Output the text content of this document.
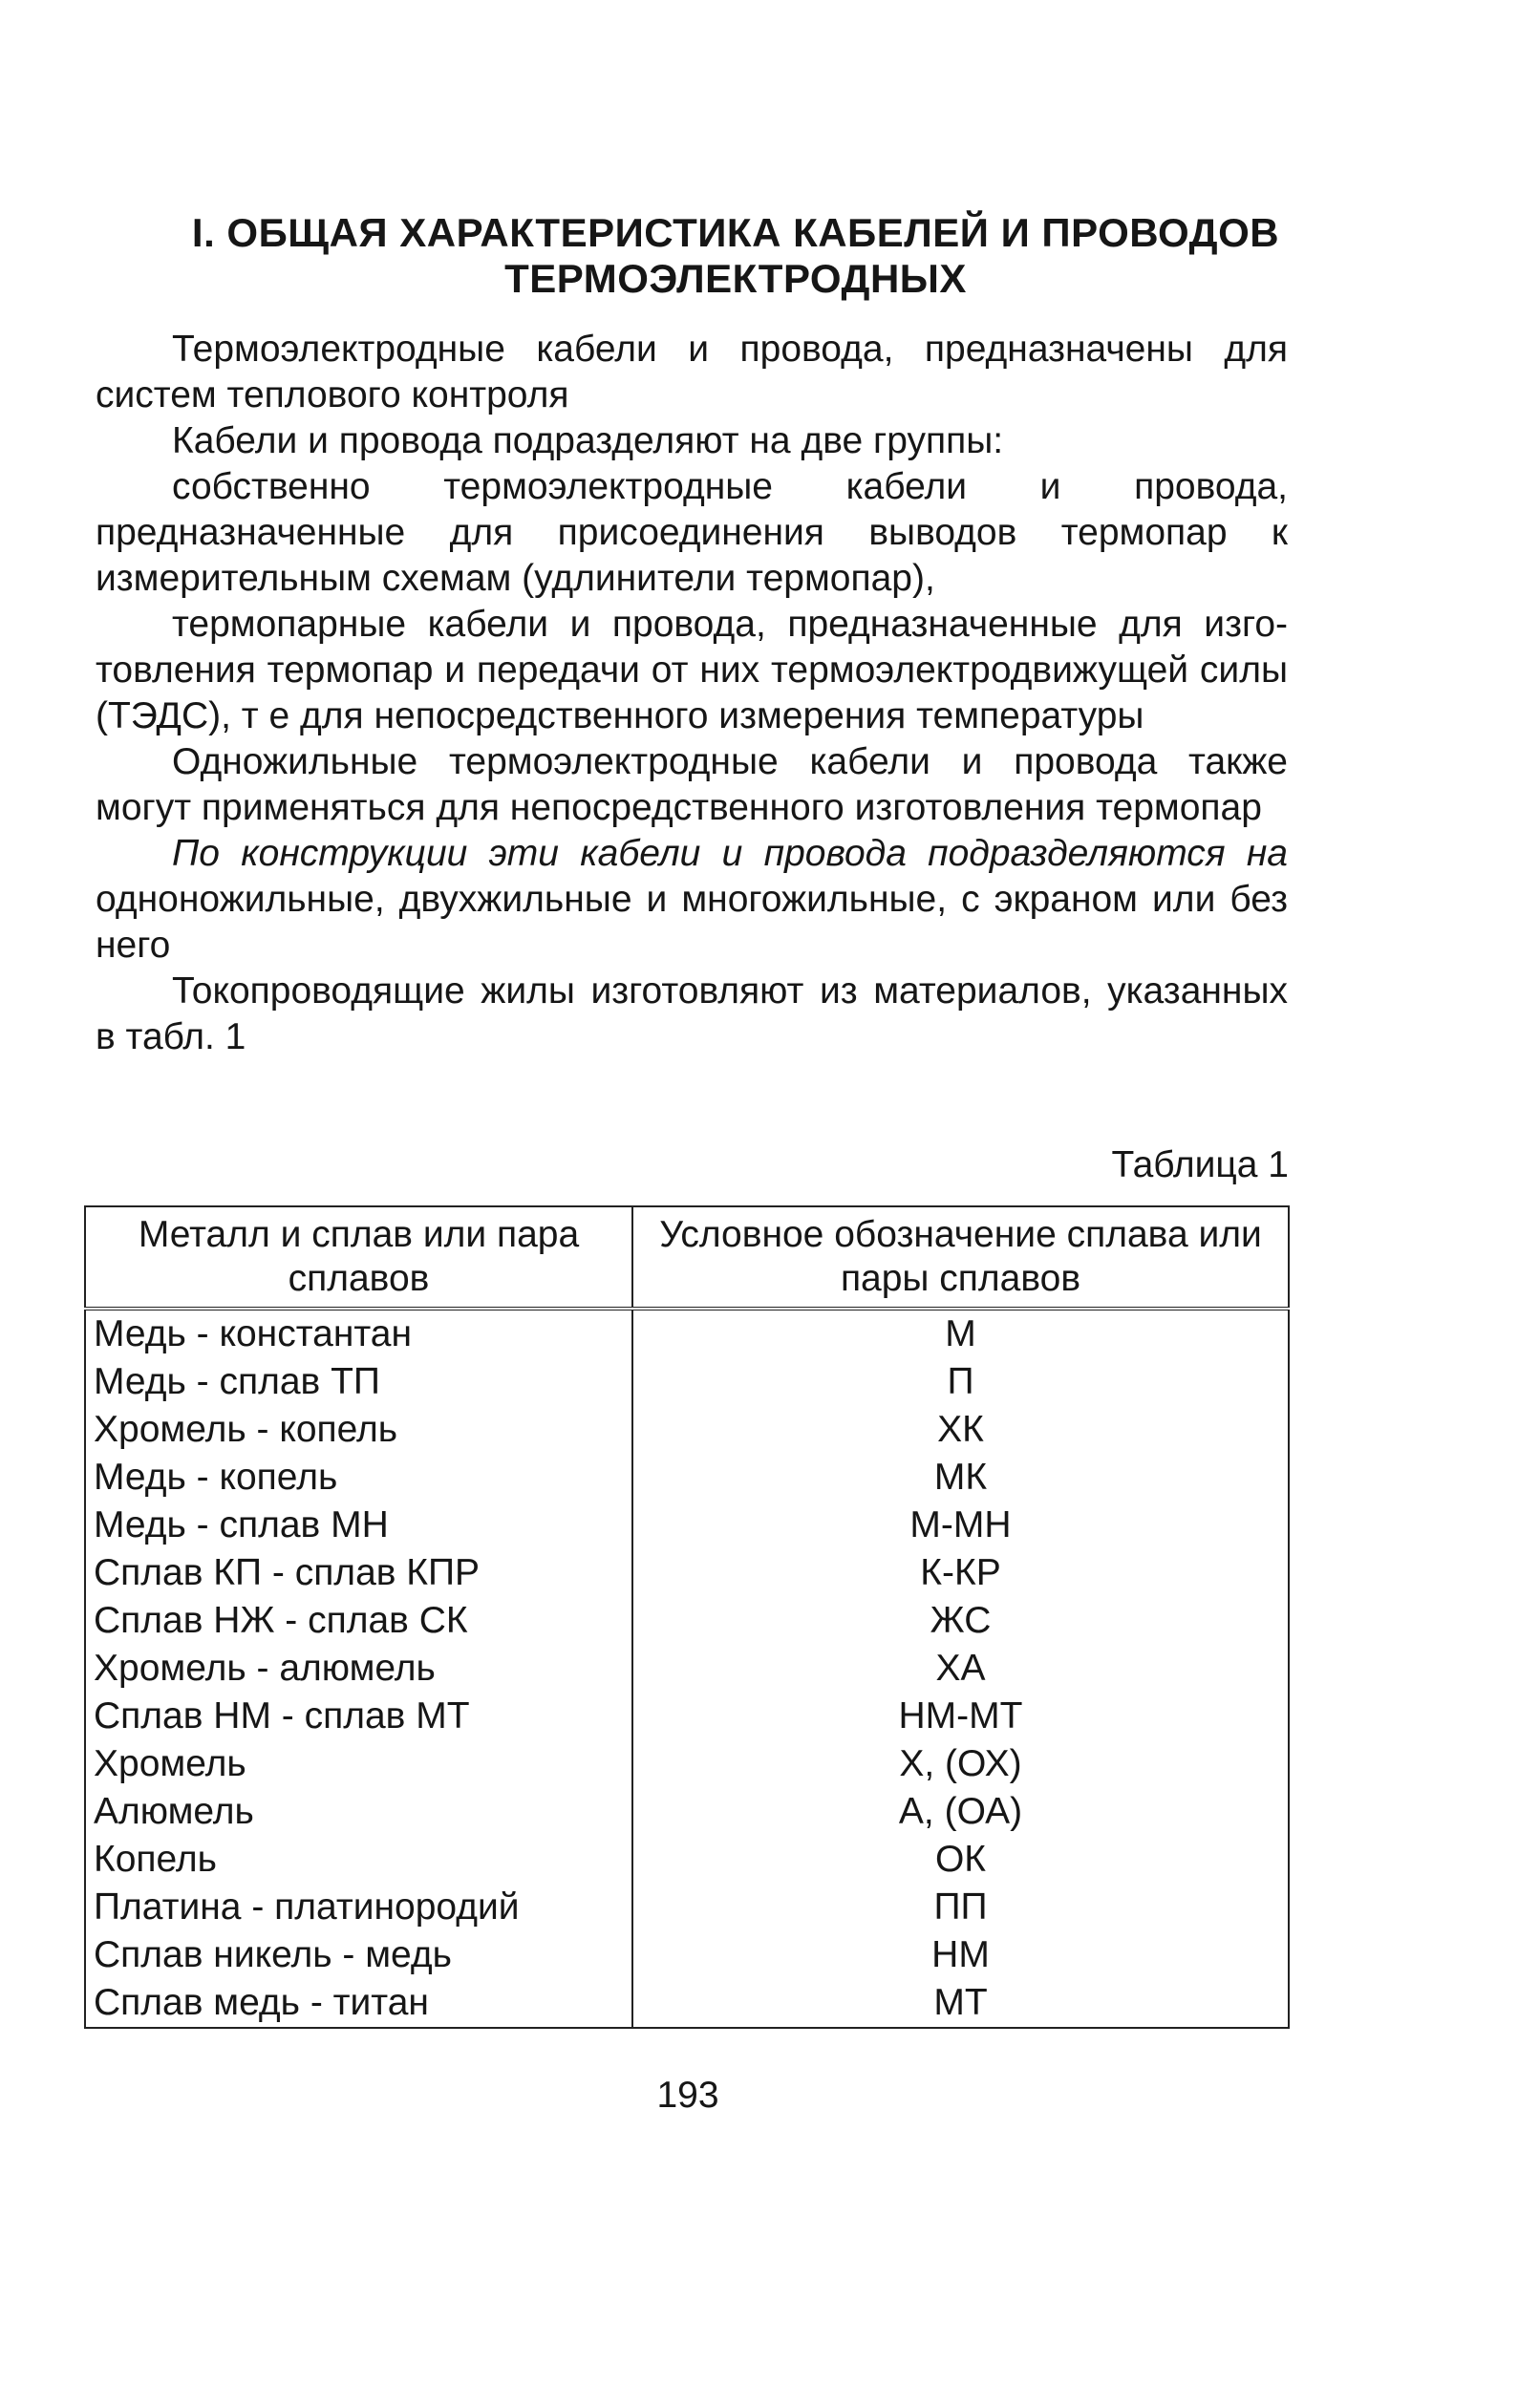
I. ОБЩАЯ ХАРАКТЕРИСТИКА КАБЕЛЕЙ И ПРОВОДОВ
ТЕРМОЭЛЕКТРОДНЫХ

Термоэлектродные кабели и провода, предназначены для систем теплового контроля

Кабели и провода подразделяют на две группы:

собственно термоэлектродные кабели и провода, предназначенные для присоединения выводов термопар к измерительным схемам (удлинители термопар),

термопарные кабели и провода, предназначенные для изго-товления термопар и передачи от них термоэлектродвижущей силы (ТЭДС), т е для непосредственного измерения температуры

Одножильные термоэлектродные кабели и провода также могут применяться для непосредственного изготовления термопар

По конструкции эти кабели и провода подразделяются на одноножильные, двухжильные и многожильные, с экраном или без него

Токопроводящие жилы изготовляют из материалов, указанных в табл. 1

Таблица 1
Металл и сплав или пара сплавов	Условное обозначение сплава или пары сплавов
Медь - константан	М
Медь - сплав ТП	П
Хромель - копель	ХК
Медь - копель	МК
Медь - сплав МН	М-МН
Сплав КП - сплав КПР	К-КР
Сплав НЖ - сплав СК	ЖС
Хромель - алюмель	ХА
Сплав НМ - сплав МТ	НМ-МТ
Хромель	Х, (ОХ)
Алюмель	А, (ОА)
Копель	ОК
Платина - платинородий	ПП
Сплав никель - медь	НМ
Сплав медь - титан	МТ
193
